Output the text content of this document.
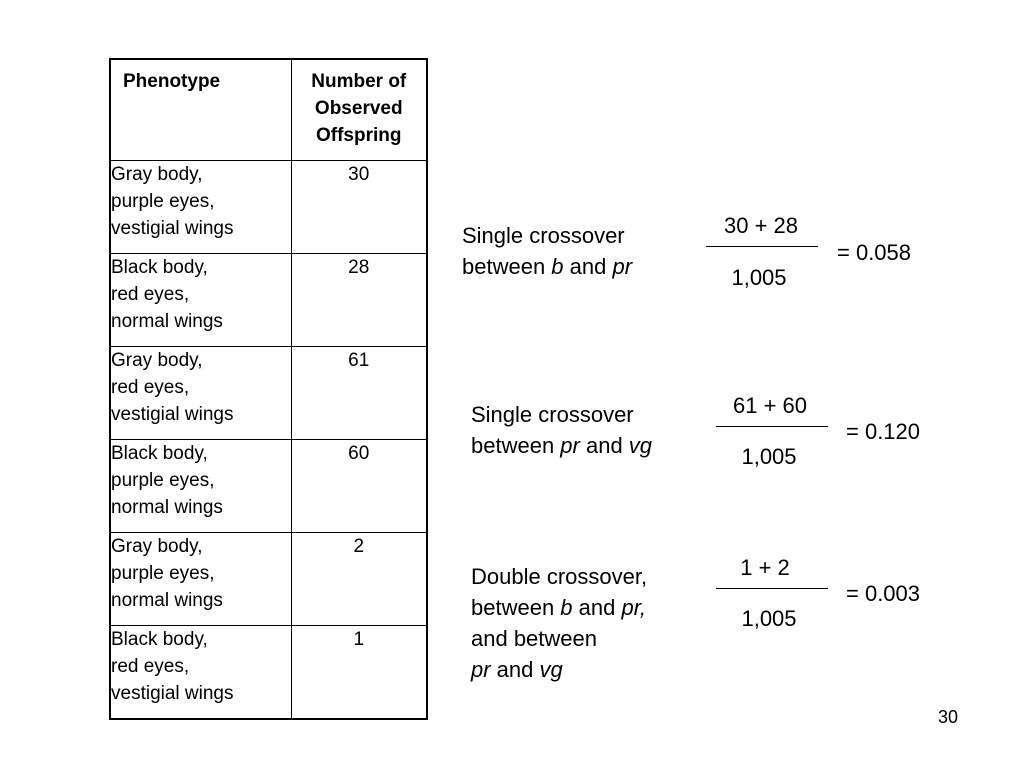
Phenotype	Number of
Observed
Offspring

Gray body,
purple eyes,
vestigial wings	30

Black body,
red eyes,
normal wings	28

Gray body,
red eyes,
vestigial wings	61

Black body,
purple eyes,
normal wings	60

Gray body,
purple eyes,
normal wings	2

Black body,
red eyes,
vestigial wings	1
Single crossover
between b and pr
30 + 28
1,005
= 0.058
Single crossover
between pr and vg
61 + 60
1,005
= 0.120
Double crossover,
between b and pr,
and between
pr and vg
1 + 2
1,005
= 0.003
30
